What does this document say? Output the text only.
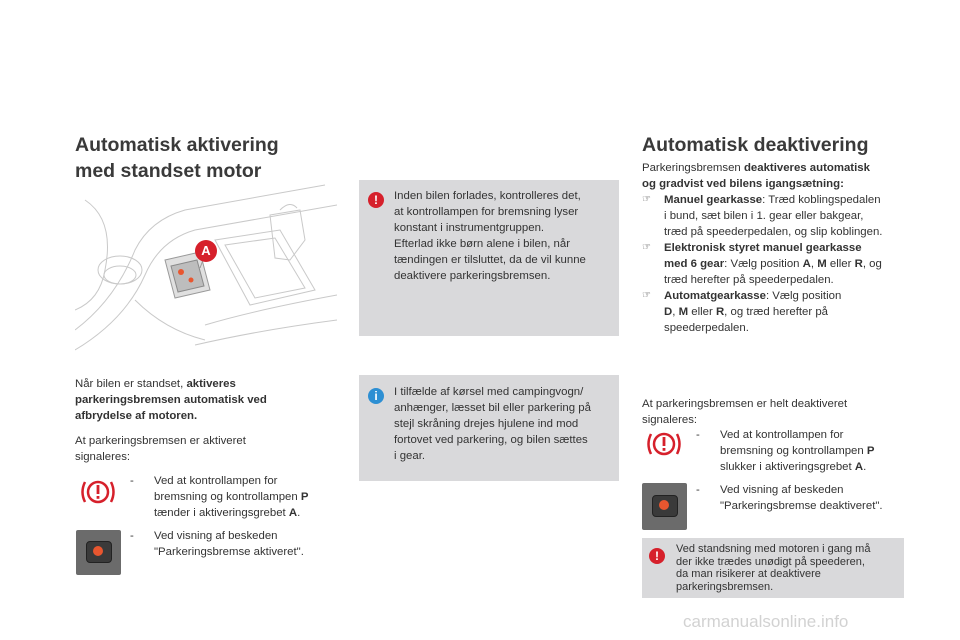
Automatisk aktivering
med standset motor
A
Når bilen er standset, aktiveres
parkeringsbremsen automatisk ved
afbrydelse af motoren.
At parkeringsbremsen er aktiveret
signaleres:
-	Ved at kontrollampen for
bremsning og kontrollampen P
tænder i aktiveringsgrebet A.
-	Ved visning af beskeden
"Parkeringsbremse aktiveret".
!	Inden bilen forlades, kontrolleres det,
at kontrollampen for bremsning lyser
konstant i instrumentgruppen.
Efterlad ikke børn alene i bilen, når
tændingen er tilsluttet, da de vil kunne
deaktivere parkeringsbremsen.
i	I tilfælde af kørsel med campingvogn/
anhænger, læsset bil eller parkering på
stejl skråning drejes hjulene ind mod
fortovet ved parkering, og bilen sættes
i gear.
Automatisk deaktivering
Parkeringsbremsen deaktiveres automatisk
og gradvist ved bilens igangsætning:
☞	Manuel gearkasse: Træd koblingspedalen
i bund, sæt bilen i 1. gear eller bakgear,
træd på speederpedalen, og slip koblingen.
☞	Elektronisk styret manuel gearkasse
med 6 gear: Vælg position A, M eller R, og
træd herefter på speederpedalen.
☞	Automatgearkasse: Vælg position
D, M eller R, og træd herefter på
speederpedalen.
At parkeringsbremsen er helt deaktiveret
signaleres:
-	Ved at kontrollampen for
bremsning og kontrollampen P
slukker i aktiveringsgrebet A.
-	Ved visning af beskeden
"Parkeringsbremse deaktiveret".
!	Ved standsning med motoren i gang må
der ikke trædes unødigt på speederen,
da man risikerer at deaktivere
parkeringsbremsen.
carmanualsonline.info
